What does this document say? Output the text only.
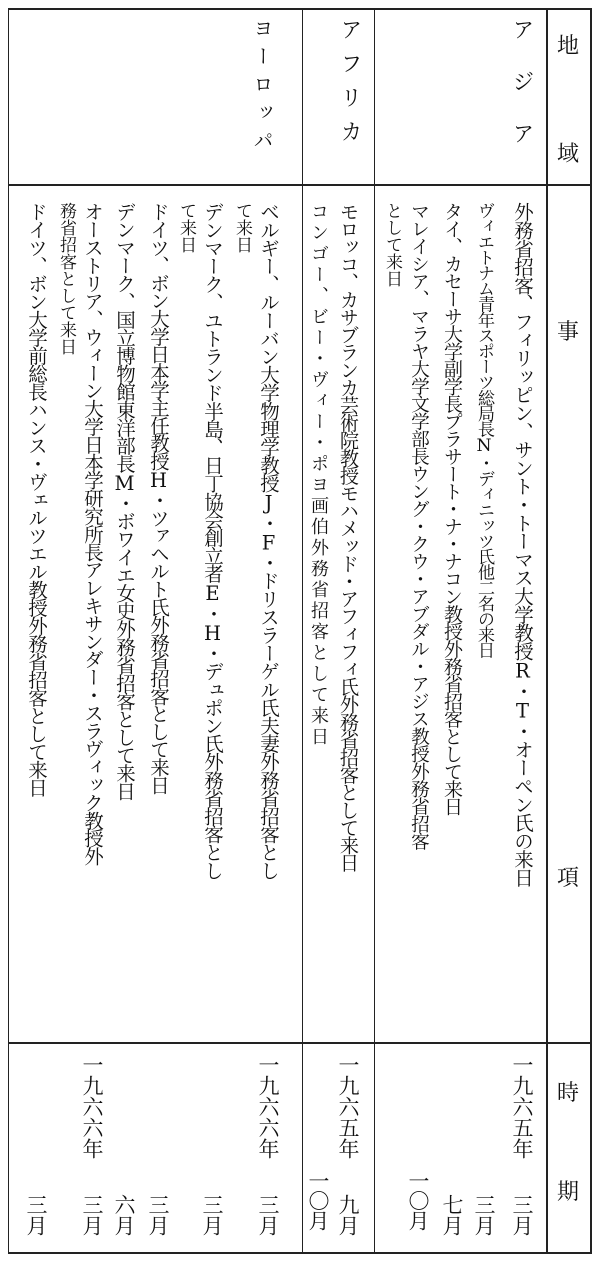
地
域
事
項
時
期
アジア
アフリカ
ヨーロッパ
外務省招客、フィリッピン、サント・トーマス大学教授R・T・オーペン氏の来日
一九六五年
三月
ヴィエトナム青年スポーツ総局長N・ディニッツ氏他二名の来日
三月
タイ、カセーサ大学副学長プラサート・ナ・ナコン教授外務省招客として来日
七月
マレイシア、マラヤ大学文学部長ウング・クウ・アブダル・アジス教授外務省招客
として来日
一〇月
モロッコ、カサブランカ芸術院教授モハメッド・アフィフィ氏外務省招客として来日
一九六五年
九月
コンゴー、ビー・ヴィー・ポヨ画伯外務省招客として来日
一〇月
ベルギー、ルーバン大学物理学教授J・F・ドリスラーゲル氏夫妻外務省招客とし
て来日
一九六六年
三月
デンマーク、ユトランド半島、日丁協会創立者E・H・デュポン氏外務省招客とし
て来日
三月
ドイツ、ボン大学日本学主任教授H・ツァヘルト氏外務省招客として来日
三月
デンマーク、国立博物館東洋部長M・ボワイエ女史外務省招客として来日
六月
オーストリア、ウィーン大学日本学研究所長アレキサンダー・スラヴィック教授外
務省招客として来日
一九六六年
三月
ドイツ、ボン大学前総長ハンス・ヴェルツエル教授外務省招客として来日
三月
